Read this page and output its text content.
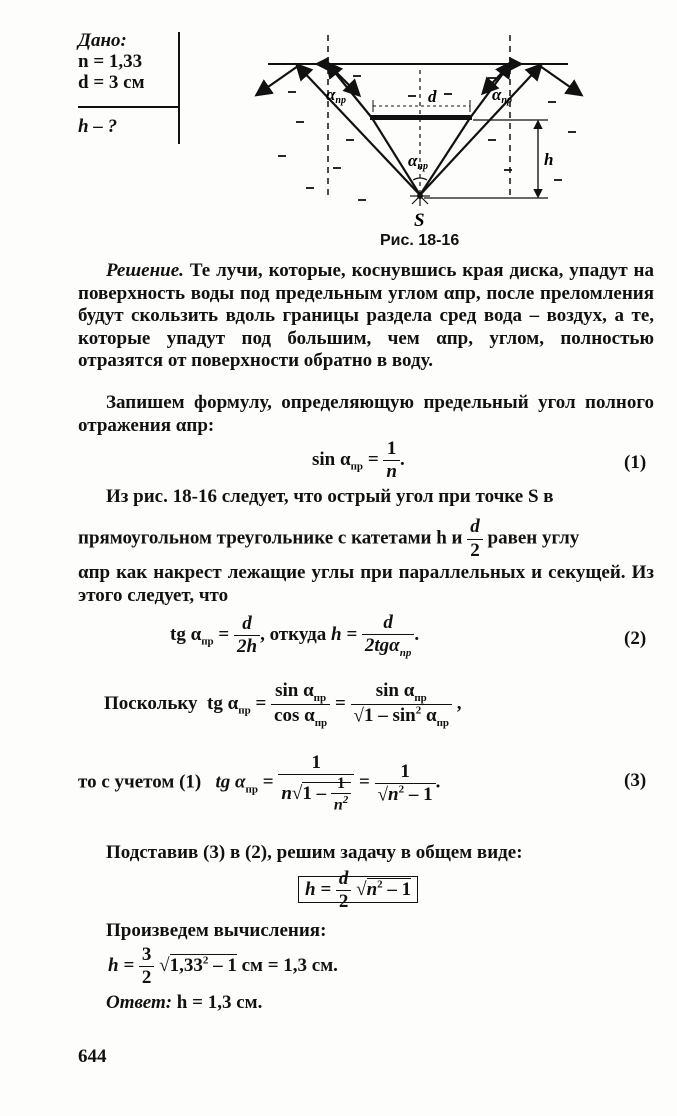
Дано:
n = 1,33
d = 3 см
h – ?
d
h
αпр	αпр
αпр
S
Рис. 18-16
Решение. Те лучи, которые, коснувшись края диска, упадут на поверхность воды под предельным углом αпр, после преломления будут скользить вдоль границы раздела сред вода – воздух, а те, которые упадут под большим, чем αпр, углом, полностью отразятся от поверхности обратно в воду.
Запишем формулу, определяющую предельный угол полного отражения αпр:
$\sin \alpha_{пр} = \frac{1}{n}$ .	(1)
Из рис. 18-16 следует, что острый угол при точке S в
прямоугольном треугольнике с катетами h и $\frac{d}{2}$ равен углу
αпр как накрест лежащие углы при параллельных и секущей. Из этого следует, что
tg $\alpha_{пр} = \frac{d}{2h}$ , откуда $h = \frac{d}{2tg\alpha_{пр}}$ .	(2)
Поскольку tg $\alpha_{пр} = \frac{\sin \alpha_{пр}}{\cos \alpha_{пр}} = \frac{\sin \alpha_{пр}}{√1 - \sin^2 \alpha_{пр}}$ ,
то с учетом (1) tg $\alpha_{пр} = \frac{1}{n√1 - \frac{1}{n^2}} = \frac{1}{√n^2 - 1}$ .	(3)
Подставив (3) в (2), решим задачу в общем виде:
$h = \frac{d}{2} √n^2 - 1$
Произведем вычисления:
$h = \frac{3}{2} √1,33^2 - 1$ см = 1,3 см.
Ответ: h = 1,3 см.
644
